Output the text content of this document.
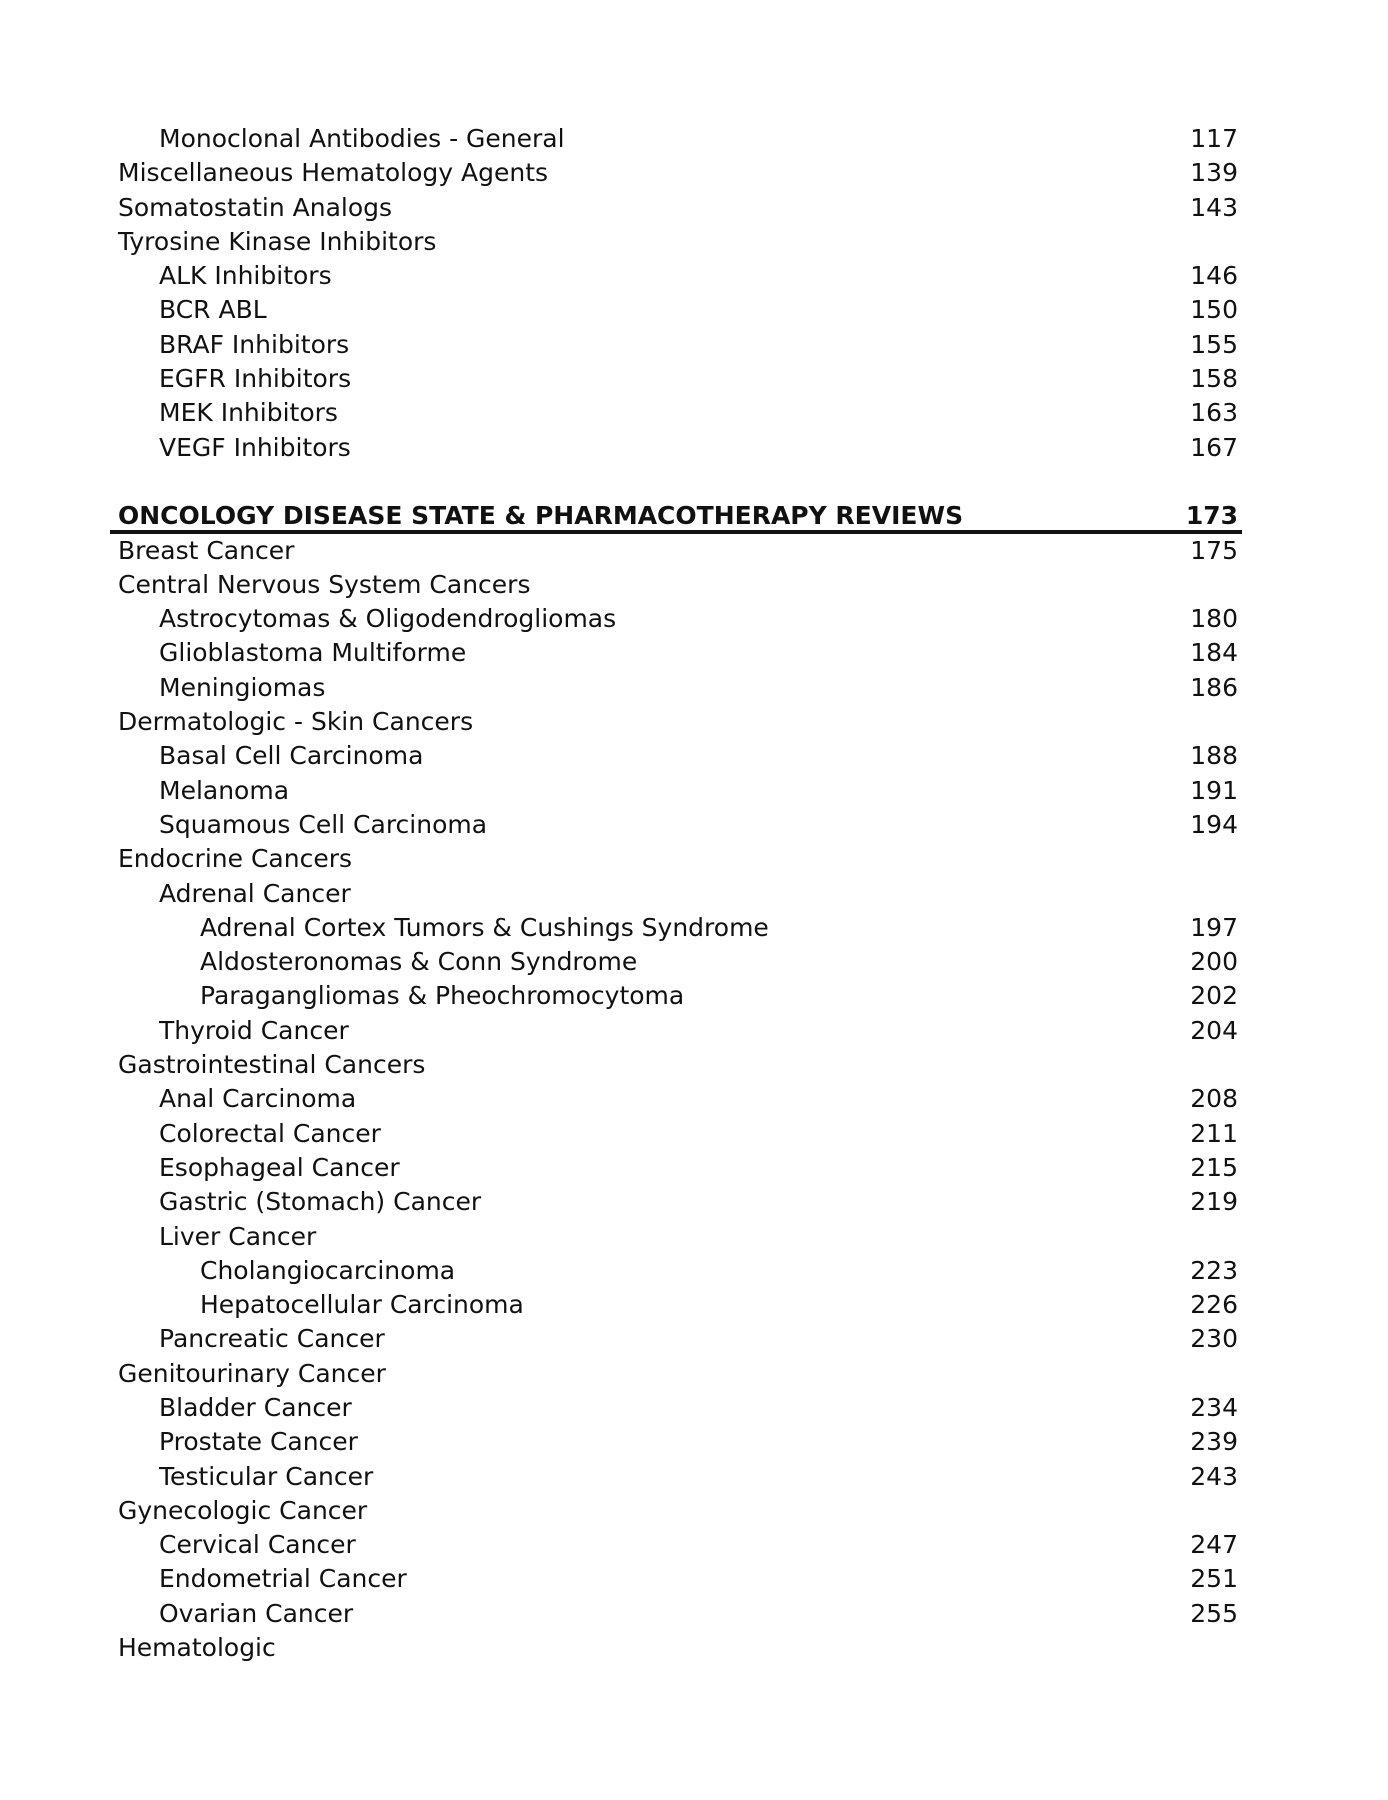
Monoclonal Antibodies - General	117
Miscellaneous Hematology Agents	139
Somatostatin Analogs	143
Tyrosine Kinase Inhibitors
ALK Inhibitors	146
BCR ABL	150
BRAF Inhibitors	155
EGFR Inhibitors	158
MEK Inhibitors	163
VEGF Inhibitors	167
ONCOLOGY DISEASE STATE & PHARMACOTHERAPY REVIEWS	173
Breast Cancer	175
Central Nervous System Cancers
Astrocytomas & Oligodendrogliomas	180
Glioblastoma Multiforme	184
Meningiomas	186
Dermatologic - Skin Cancers
Basal Cell Carcinoma	188
Melanoma	191
Squamous Cell Carcinoma	194
Endocrine Cancers
Adrenal Cancer
Adrenal Cortex Tumors & Cushings Syndrome	197
Aldosteronomas & Conn Syndrome	200
Paragangliomas & Pheochromocytoma	202
Thyroid Cancer	204
Gastrointestinal Cancers
Anal Carcinoma	208
Colorectal Cancer	211
Esophageal Cancer	215
Gastric (Stomach) Cancer	219
Liver Cancer
Cholangiocarcinoma	223
Hepatocellular Carcinoma	226
Pancreatic Cancer	230
Genitourinary Cancer
Bladder Cancer	234
Prostate Cancer	239
Testicular Cancer	243
Gynecologic Cancer
Cervical Cancer	247
Endometrial Cancer	251
Ovarian Cancer	255
Hematologic
